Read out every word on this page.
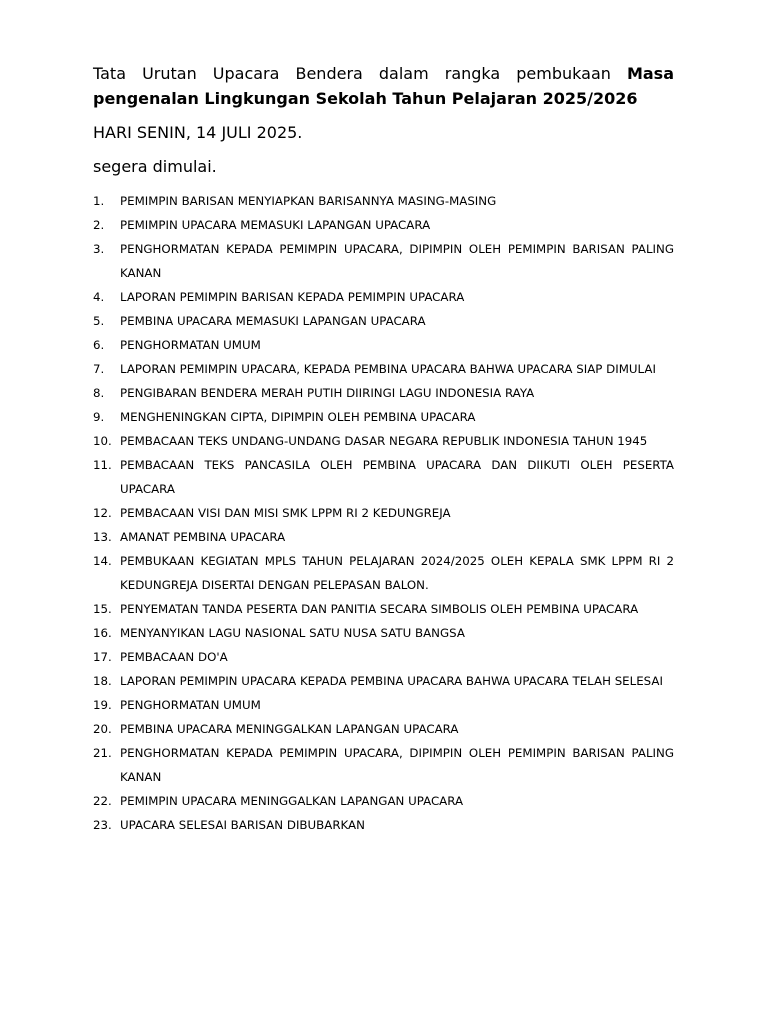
Tata Urutan Upacara Bendera dalam rangka pembukaan Masa pengenalan Lingkungan Sekolah Tahun Pelajaran 2025/2026

HARI SENIN, 14 JULI 2025.

segera dimulai.

1.	PEMIMPIN BARISAN MENYIAPKAN BARISANNYA MASING-MASING
2.	PEMIMPIN UPACARA MEMASUKI LAPANGAN UPACARA
3.	PENGHORMATAN KEPADA PEMIMPIN UPACARA, DIPIMPIN OLEH PEMIMPIN BARISAN PALING KANAN
4.	LAPORAN PEMIMPIN BARISAN KEPADA PEMIMPIN UPACARA
5.	PEMBINA UPACARA MEMASUKI LAPANGAN UPACARA
6.	PENGHORMATAN UMUM
7.	LAPORAN PEMIMPIN UPACARA, KEPADA PEMBINA UPACARA BAHWA UPACARA SIAP DIMULAI
8.	PENGIBARAN BENDERA MERAH PUTIH DIIRINGI LAGU INDONESIA RAYA
9.	MENGHENINGKAN CIPTA, DIPIMPIN OLEH PEMBINA UPACARA
10. PEMBACAAN TEKS UNDANG-UNDANG DASAR NEGARA REPUBLIK INDONESIA TAHUN 1945
11. PEMBACAAN TEKS PANCASILA OLEH PEMBINA UPACARA DAN DIIKUTI OLEH PESERTA UPACARA
12. PEMBACAAN VISI DAN MISI SMK LPPM RI 2 KEDUNGREJA
13. AMANAT PEMBINA UPACARA
14. PEMBUKAAN KEGIATAN MPLS TAHUN PELAJARAN 2024/2025 OLEH KEPALA SMK LPPM RI 2 KEDUNGREJA DISERTAI DENGAN PELEPASAN BALON.
15. PENYEMATAN TANDA PESERTA DAN PANITIA SECARA SIMBOLIS OLEH PEMBINA UPACARA
16. MENYANYIKAN LAGU NASIONAL SATU NUSA SATU BANGSA
17. PEMBACAAN DO'A
18. LAPORAN PEMIMPIN UPACARA KEPADA PEMBINA UPACARA BAHWA UPACARA TELAH SELESAI
19. PENGHORMATAN UMUM
20. PEMBINA UPACARA MENINGGALKAN LAPANGAN UPACARA
21. PENGHORMATAN KEPADA PEMIMPIN UPACARA, DIPIMPIN OLEH PEMIMPIN BARISAN PALING KANAN
22. PEMIMPIN UPACARA MENINGGALKAN LAPANGAN UPACARA
23. UPACARA SELESAI BARISAN DIBUBARKAN
